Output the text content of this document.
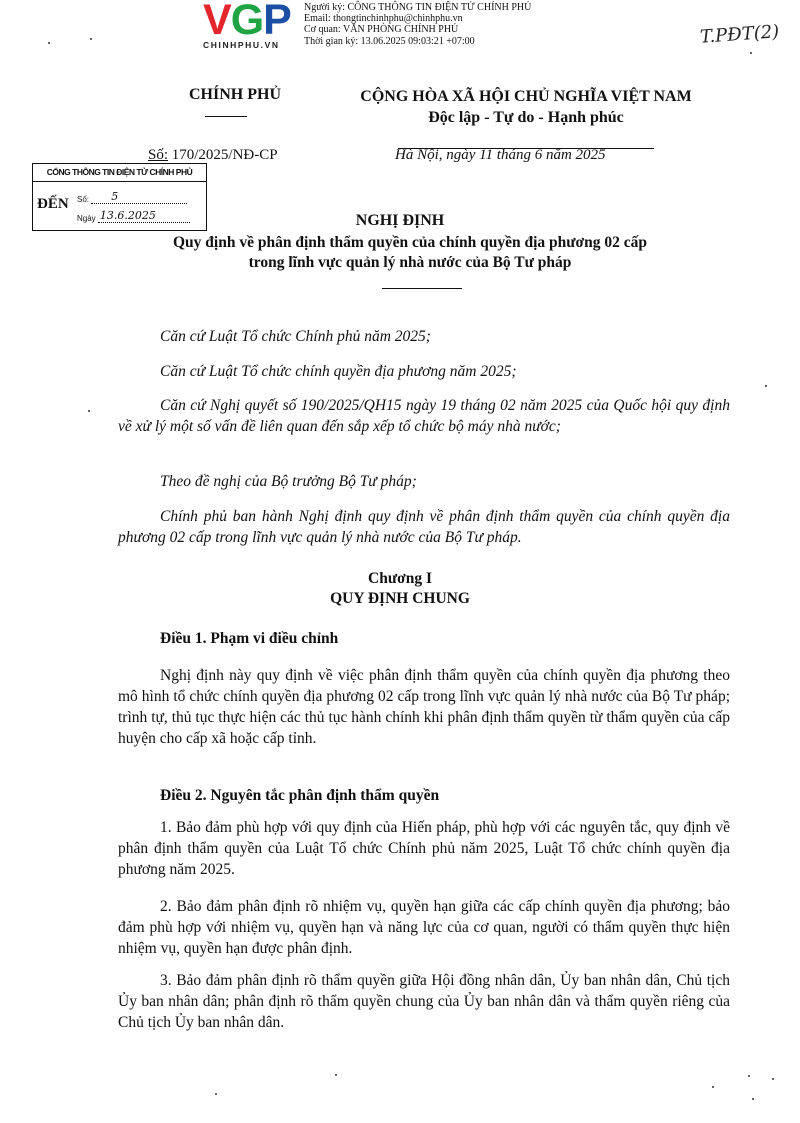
V G P
CHINHPHU.VN
Người ký: CÔNG THÔNG TIN ĐIỆN TỬ CHÍNH PHỦ
Email: thongtinchinhphu@chinhphu.vn
Cơ quan: VĂN PHÒNG CHÍNH PHỦ
Thời gian ký: 13.06.2025 09:03:21 +07:00	T.PĐT(2)
CHÍNH PHỦ	CỘNG HÒA XÃ HỘI CHỦ NGHĨA VIỆT NAM
Độc lập - Tự do - Hạnh phúc
Số: 170/2025/NĐ-CP	Hà Nội, ngày 11 tháng 6 năm 2025
CỔNG THÔNG TIN ĐIỆN TỬ CHÍNH PHỦ
ĐẾN Số: 5
Ngày 13.6.2025	NGHỊ ĐỊNH
Quy định về phân định thẩm quyền của chính quyền địa phương 02 cấp
trong lĩnh vực quản lý nhà nước của Bộ Tư pháp
Căn cứ Luật Tổ chức Chính phủ năm 2025;
Căn cứ Luật Tổ chức chính quyền địa phương năm 2025;
Căn cứ Nghị quyết số 190/2025/QH15 ngày 19 tháng 02 năm 2025 của Quốc hội quy định về xử lý một số vấn đề liên quan đến sắp xếp tổ chức bộ máy nhà nước;
Theo đề nghị của Bộ trưởng Bộ Tư pháp;
Chính phủ ban hành Nghị định quy định về phân định thẩm quyền của chính quyền địa phương 02 cấp trong lĩnh vực quản lý nhà nước của Bộ Tư pháp.
Chương I
QUY ĐỊNH CHUNG
Điều 1. Phạm vi điều chỉnh
Nghị định này quy định về việc phân định thẩm quyền của chính quyền địa phương theo mô hình tổ chức chính quyền địa phương 02 cấp trong lĩnh vực quản lý nhà nước của Bộ Tư pháp; trình tự, thủ tục thực hiện các thủ tục hành chính khi phân định thẩm quyền từ thẩm quyền của cấp huyện cho cấp xã hoặc cấp tỉnh.
Điều 2. Nguyên tắc phân định thẩm quyền
1. Bảo đảm phù hợp với quy định của Hiến pháp, phù hợp với các nguyên tắc, quy định về phân định thẩm quyền của Luật Tổ chức Chính phủ năm 2025, Luật Tổ chức chính quyền địa phương năm 2025.
2. Bảo đảm phân định rõ nhiệm vụ, quyền hạn giữa các cấp chính quyền địa phương; bảo đảm phù hợp với nhiệm vụ, quyền hạn và năng lực của cơ quan, người có thẩm quyền thực hiện nhiệm vụ, quyền hạn được phân định.
3. Bảo đảm phân định rõ thẩm quyền giữa Hội đồng nhân dân, Ủy ban nhân dân, Chủ tịch Ủy ban nhân dân; phân định rõ thẩm quyền chung của Ủy ban nhân dân và thẩm quyền riêng của Chủ tịch Ủy ban nhân dân.
